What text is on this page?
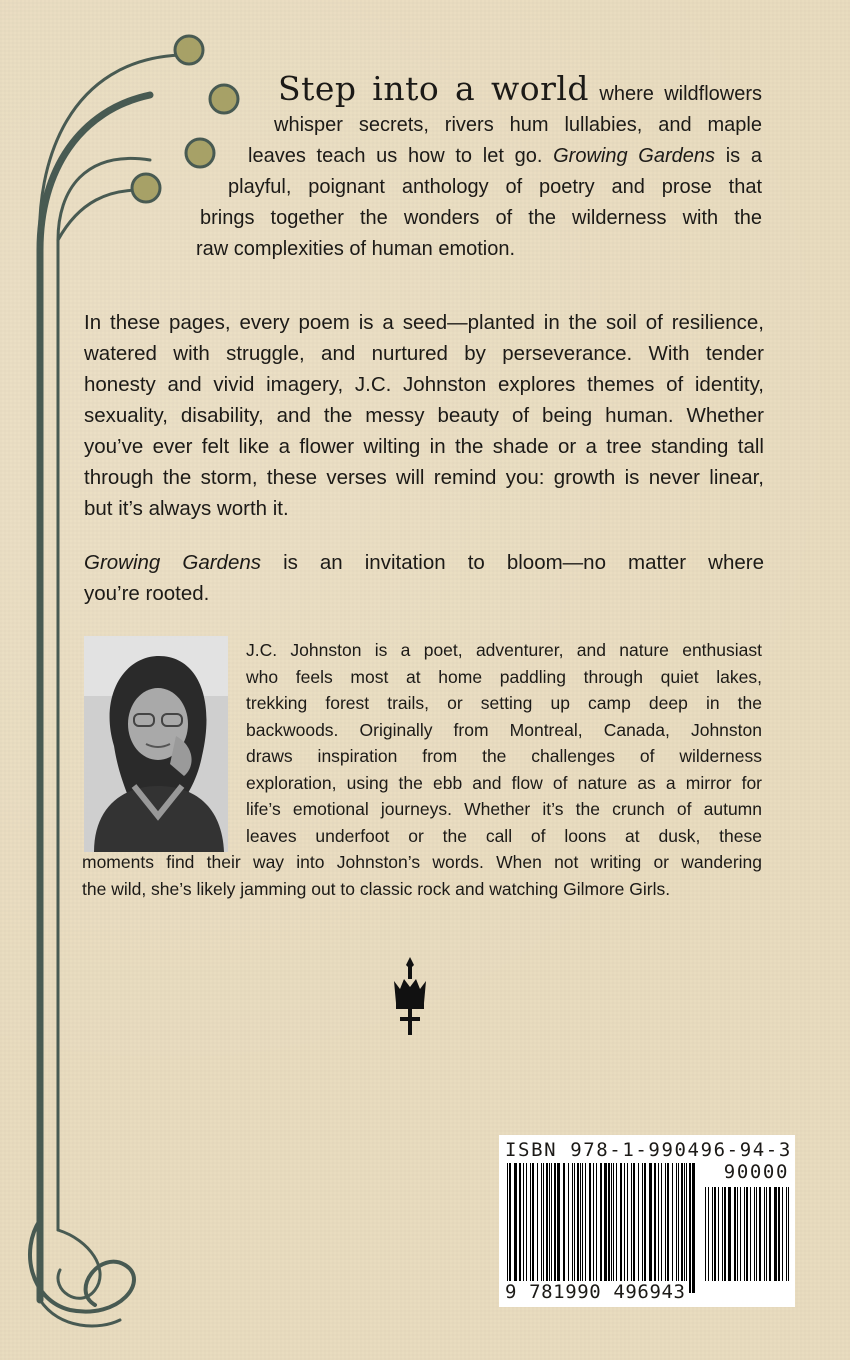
Step into a world where wildflowers
whisper secrets, rivers hum lullabies, and maple
leaves teach us how to let go. Growing Gardens is a
playful, poignant anthology of poetry and prose that
brings together the wonders of the wilderness with the
raw complexities of human emotion.
In these pages, every poem is a seed—planted in the soil of resilience,
watered with struggle, and nurtured by perseverance. With tender
honesty and vivid imagery, J.C. Johnston explores themes of identity,
sexuality, disability, and the messy beauty of being human. Whether
you’ve ever felt like a flower wilting in the shade or a tree standing tall
through the storm, these verses will remind you: growth is never linear,
but it’s always worth it.
Growing Gardens is an invitation to bloom—no matter where
you’re rooted.
J.C. Johnston is a poet, adventurer, and nature enthusiast
who feels most at home paddling through quiet lakes,
trekking forest trails, or setting up camp deep in the
backwoods. Originally from Montreal, Canada, Johnston
draws inspiration from the challenges of wilderness
exploration, using the ebb and flow of nature as a mirror for
life’s emotional journeys. Whether it’s the crunch of autumn
leaves underfoot or the call of loons at dusk, these
moments find their way into Johnston’s words. When not writing or wandering
the wild, she’s likely jamming out to classic rock and watching Gilmore Girls.
ISBN 978-1-990496-94-3
90000
9 781990 496943
